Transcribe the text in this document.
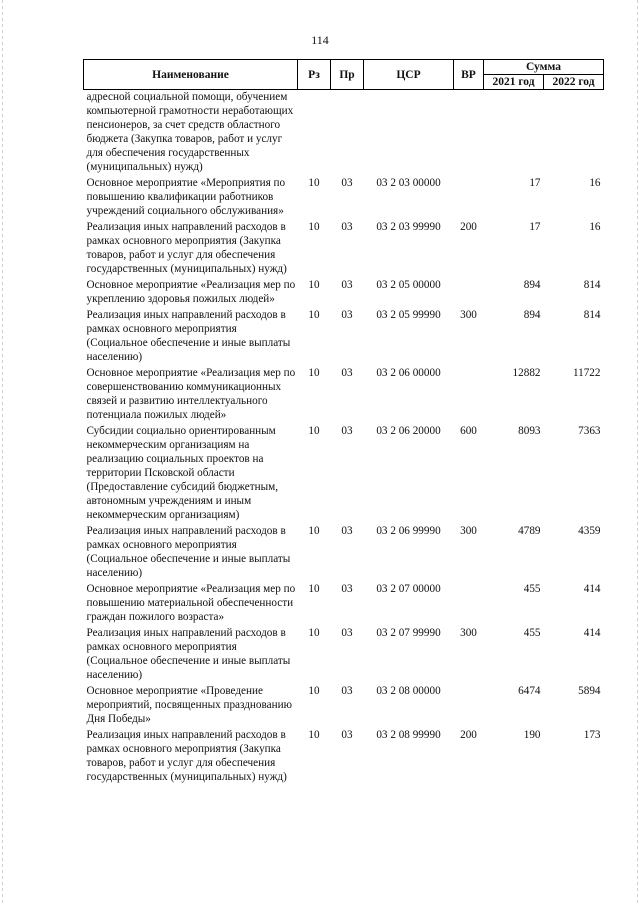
114
Наименование	Рз	Пр	ЦСР	ВР	Сумма	
					2021 год	2022 год
адресной социальной помощи, обучением компьютерной грамотности неработающих пенсионеров, за счет средств областного бюджета (Закупка товаров, работ и услуг для обеспечения государственных (муниципальных) нужд)						
Основное мероприятие «Мероприятия по повышению квалификации работников учреждений социального обслуживания»	10	03	03 2 03 00000		17	16
Реализация иных направлений расходов в рамках основного мероприятия (Закупка товаров, работ и услуг для обеспечения государственных (муниципальных) нужд)	10	03	03 2 03 99990	200	17	16
Основное мероприятие «Реализация мер по укреплению здоровья пожилых людей»	10	03	03 2 05 00000		894	814
Реализация иных направлений расходов в рамках основного мероприятия (Социальное обеспечение и иные выплаты населению)	10	03	03 2 05 99990	300	894	814
Основное мероприятие «Реализация мер по совершенствованию коммуникационных связей и развитию интеллектуального потенциала пожилых людей»	10	03	03 2 06 00000		12882	11722
Субсидии социально ориентированным некоммерческим организациям на реализацию социальных проектов на территории Псковской области (Предоставление субсидий бюджетным, автономным учреждениям и иным некоммерческим организациям)	10	03	03 2 06 20000	600	8093	7363
Реализация иных направлений расходов в рамках основного мероприятия (Социальное обеспечение и иные выплаты населению)	10	03	03 2 06 99990	300	4789	4359
Основное мероприятие «Реализация мер по повышению материальной обеспеченности граждан пожилого возраста»	10	03	03 2 07 00000		455	414
Реализация иных направлений расходов в рамках основного мероприятия (Социальное обеспечение и иные выплаты населению)	10	03	03 2 07 99990	300	455	414
Основное мероприятие «Проведение мероприятий, посвященных празднованию Дня Победы»	10	03	03 2 08 00000		6474	5894
Реализация иных направлений расходов в рамках основного мероприятия (Закупка товаров, работ и услуг для обеспечения государственных (муниципальных) нужд)	10	03	03 2 08 99990	200	190	173
